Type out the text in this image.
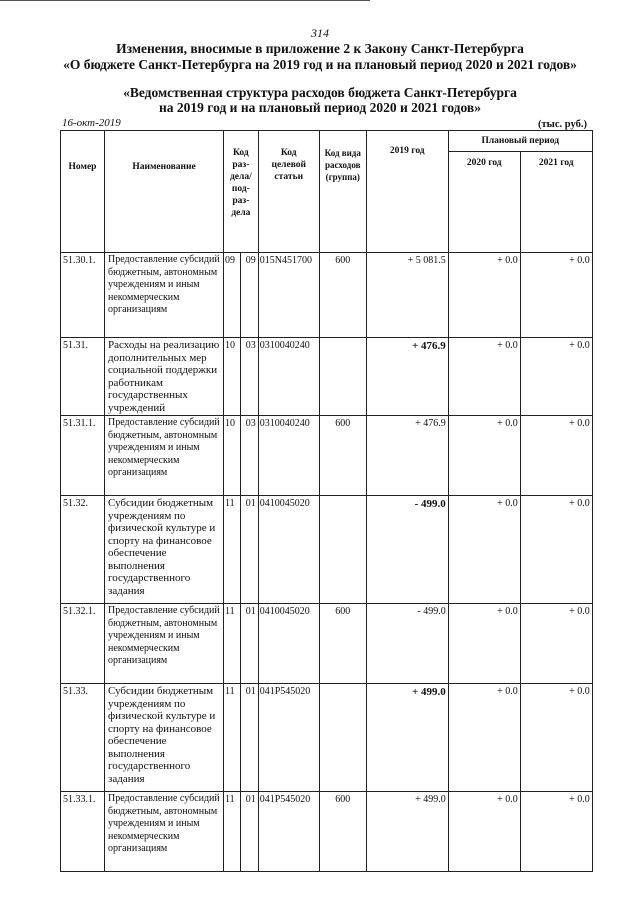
314
Изменения, вносимые в приложение 2 к Закону Санкт-Петербурга
«О бюджете Санкт-Петербурга на 2019 год и на плановый период 2020 и 2021 годов»
«Ведомственная структура расходов бюджета Санкт-Петербурга
на 2019 год и на плановый период 2020 и 2021 годов»
16-окт-2019	(тыс. руб.)
Номер	Наименование	Код раз-дела/ под-раз-дела		Код целевой статьи	Код вида расходов (группа)	2019 год	Плановый период	
							2020 год	2021 год
51.30.1.	Предоставление субсидий бюджетным, автономным учреждениям и иным некоммерческим организациям	09	09	015N451700	600	+ 5 081.5	+ 0.0	+ 0.0
51.31.	Расходы на реализацию дополнительных мер социальной поддержки работникам государственных учреждений	10	03	0310040240		+ 476.9	+ 0.0	+ 0.0
51.31.1.	Предоставление субсидий бюджетным, автономным учреждениям и иным некоммерческим организациям	10	03	0310040240	600	+ 476.9	+ 0.0	+ 0.0
51.32.	Субсидии бюджетным учреждениям по физической культуре и спорту на финансовое обеспечение выполнения государственного задания	11	01	0410045020		- 499.0	+ 0.0	+ 0.0
51.32.1.	Предоставление субсидий бюджетным, автономным учреждениям и иным некоммерческим организациям	11	01	0410045020	600	- 499.0	+ 0.0	+ 0.0
51.33.	Субсидии бюджетным учреждениям по физической культуре и спорту на финансовое обеспечение выполнения государственного задания	11	01	041P545020		+ 499.0	+ 0.0	+ 0.0
51.33.1.	Предоставление субсидий бюджетным, автономным учреждениям и иным некоммерческим организациям	11	01	041P545020	600	+ 499.0	+ 0.0	+ 0.0
